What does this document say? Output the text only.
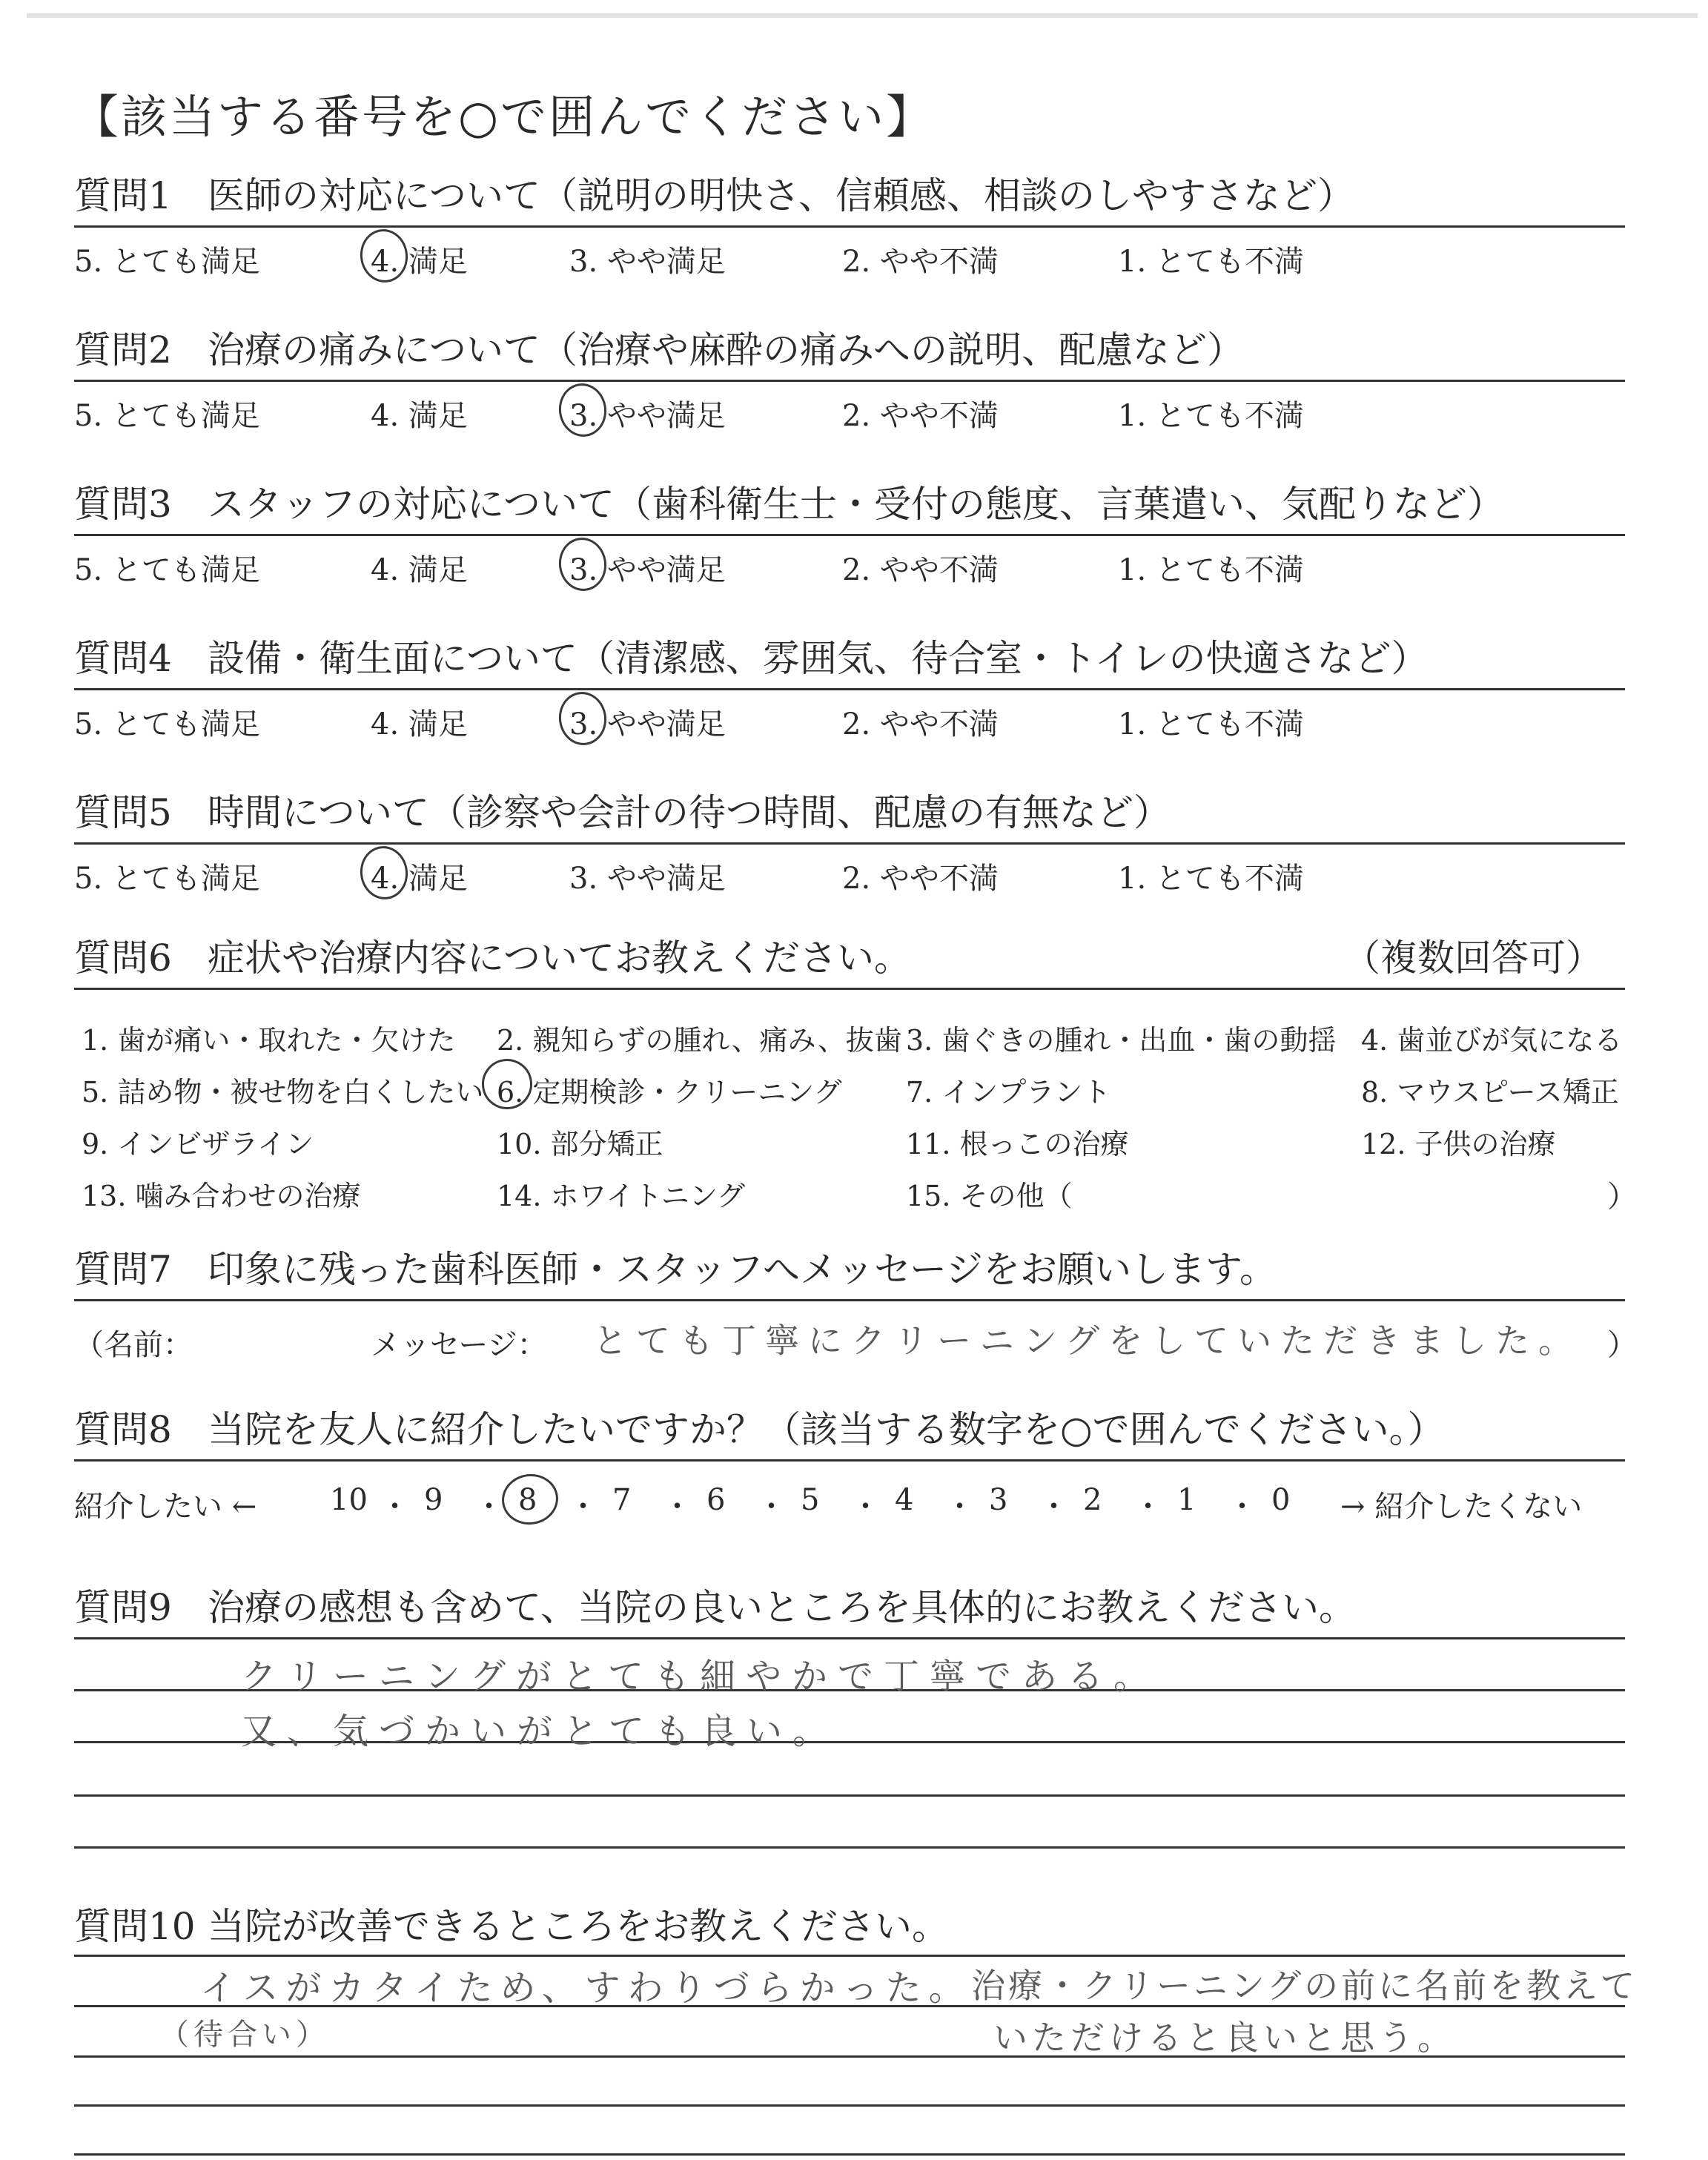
【該当する番号を○で囲んでください】
質問1 医師の対応について（説明の明快さ、信頼感、相談のしやすさなど）
5. とても満足	4. 満足	3. やや満足	2. やや不満	1. とても不満
質問2 治療の痛みについて（治療や麻酔の痛みへの説明、配慮など）
5. とても満足	4. 満足	3. やや満足	2. やや不満	1. とても不満
質問3 スタッフの対応について（歯科衛生士・受付の態度、言葉遣い、気配りなど）
5. とても満足	4. 満足	3. やや満足	2. やや不満	1. とても不満
質問4 設備・衛生面について（清潔感、雰囲気、待合室・トイレの快適さなど）
5. とても満足	4. 満足	3. やや満足	2. やや不満	1. とても不満
質問5 時間について（診察や会計の待つ時間、配慮の有無など）
5. とても満足	4. 満足	3. やや満足	2. やや不満	1. とても不満
質問6 症状や治療内容についてお教えください。	（複数回答可）
1. 歯が痛い・取れた・欠けた 2. 親知らずの腫れ、痛み、抜歯 3. 歯ぐきの腫れ・出血・歯の動揺 4. 歯並びが気になる
5. 詰め物・被せ物を白くしたい 6. 定期検診・クリーニング 7. インプラント	8. マウスピース矯正
9. インビザライン	10. 部分矯正	11. 根っこの治療	12. 子供の治療
13. 噛み合わせの治療	14. ホワイトニング	15. その他（	）
質問7 印象に残った歯科医師・スタッフへメッセージをお願いします。
（名前：	メッセージ： とても丁寧にクリーニングをしていただきました。 ）
質問8 当院を友人に紹介したいですか？（該当する数字を○で囲んでください。）
紹介したい ← 10 ・ 9 ・ 8 ・ 7 ・ 6 ・ 5 ・ 4 ・ 3 ・ 2 ・ 1 ・ 0 → 紹介したくない
質問9 治療の感想も含めて、当院の良いところを具体的にお教えください。
クリーニングがとても細やかで丁寧である。
又、気づかいがとても良い。
質問10 当院が改善できるところをお教えください。
イスがカタイため、すわりづらかった。 治療・クリーニングの前に名前を教えて
（待合い）	いただけると良いと思う。
